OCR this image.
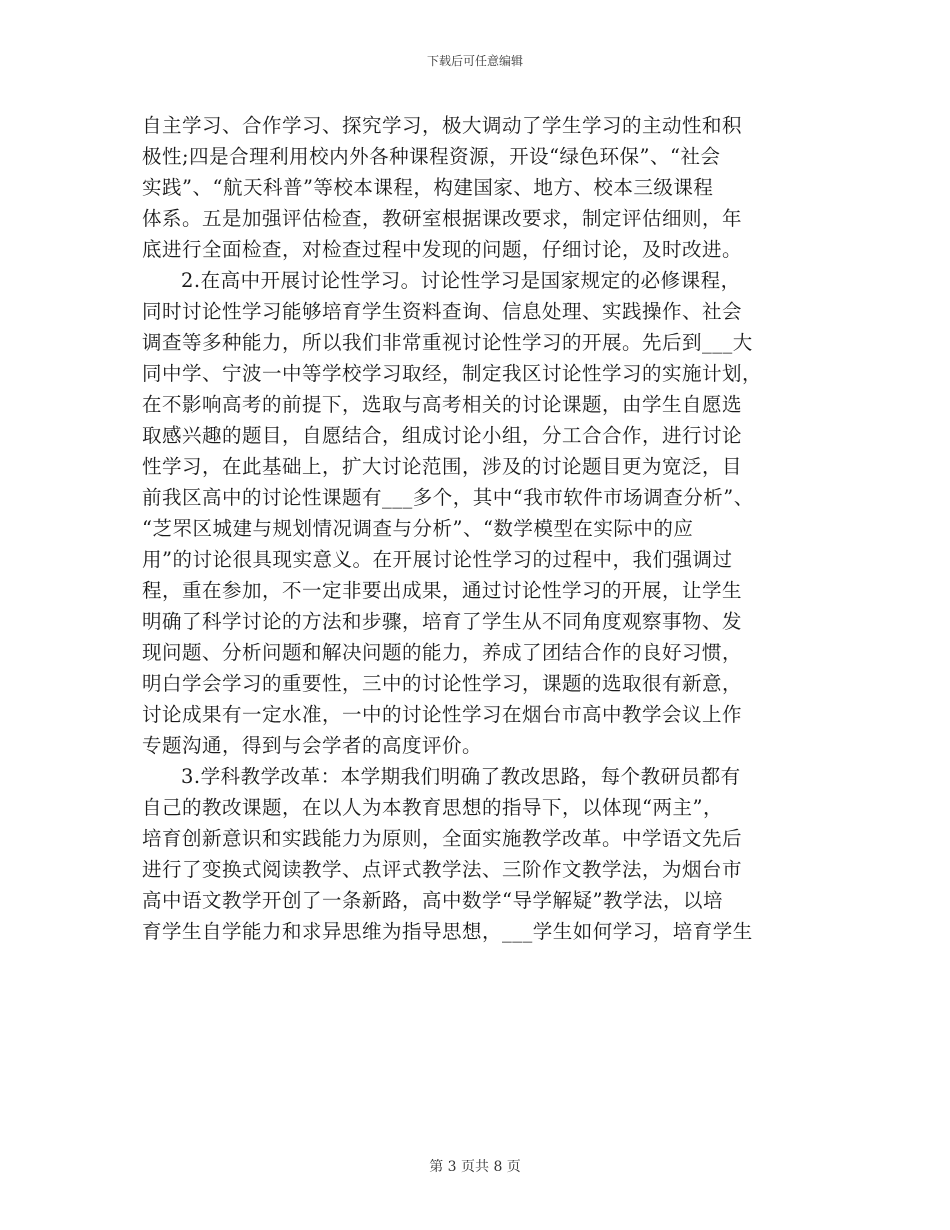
下载后可任意编辑
自主学习、合作学习、探究学习，极大调动了学生学习的主动性和积
极性;四是合理利用校内外各种课程资源，开设“绿色环保”、“社会
实践”、“航天科普”等校本课程，构建国家、地方、校本三级课程
体系。五是加强评估检查，教研室根据课改要求，制定评估细则，年
底进行全面检查，对检查过程中发现的问题，仔细讨论，及时改进。
2.在高中开展讨论性学习。讨论性学习是国家规定的必修课程，
同时讨论性学习能够培育学生资料查询、信息处理、实践操作、社会
调查等多种能力，所以我们非常重视讨论性学习的开展。先后到___大
同中学、宁波一中等学校学习取经，制定我区讨论性学习的实施计划，
在不影响高考的前提下，选取与高考相关的讨论课题，由学生自愿选
取感兴趣的题目，自愿结合，组成讨论小组，分工合合作，进行讨论
性学习，在此基础上，扩大讨论范围，涉及的讨论题目更为宽泛，目
前我区高中的讨论性课题有___多个，其中“我市软件市场调查分析”、
“芝罘区城建与规划情况调查与分析”、“数学模型在实际中的应
用”的讨论很具现实意义。在开展讨论性学习的过程中，我们强调过
程，重在参加，不一定非要出成果，通过讨论性学习的开展，让学生
明确了科学讨论的方法和步骤，培育了学生从不同角度观察事物、发
现问题、分析问题和解决问题的能力，养成了团结合作的良好习惯，
明白学会学习的重要性，三中的讨论性学习，课题的选取很有新意，
讨论成果有一定水准，一中的讨论性学习在烟台市高中教学会议上作
专题沟通，得到与会学者的高度评价。
3.学科教学改革：本学期我们明确了教改思路，每个教研员都有
自己的教改课题，在以人为本教育思想的指导下，以体现“两主”，
培育创新意识和实践能力为原则，全面实施教学改革。中学语文先后
进行了变换式阅读教学、点评式教学法、三阶作文教学法，为烟台市
高中语文教学开创了一条新路，高中数学“导学解疑”教学法，以培
育学生自学能力和求异思维为指导思想，___学生如何学习，培育学生
第 3 页共 8 页
